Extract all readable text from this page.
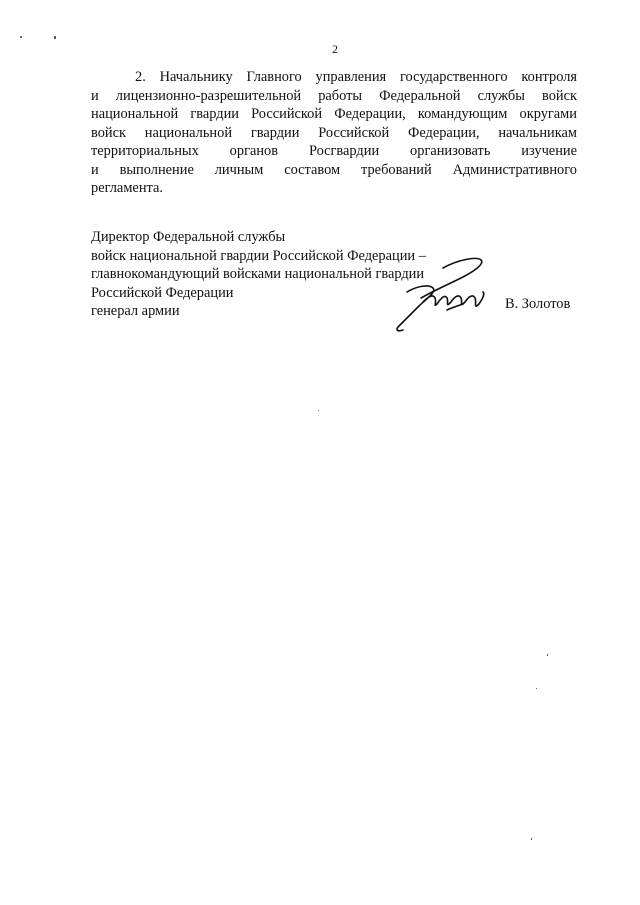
2
2. Начальнику Главного управления государственного контроля
и лицензионно-разрешительной работы Федеральной службы войск
национальной гвардии Российской Федерации, командующим округами
войск национальной гвардии Российской Федерации, начальникам
территориальных органов Росгвардии организовать изучение
и выполнение личным составом требований Административного
регламента.
Директор Федеральной службы
войск национальной гвардии Российской Федерации –
главнокомандующий войсками национальной гвардии
Российской Федерации
генерал армии	В. Золотов
